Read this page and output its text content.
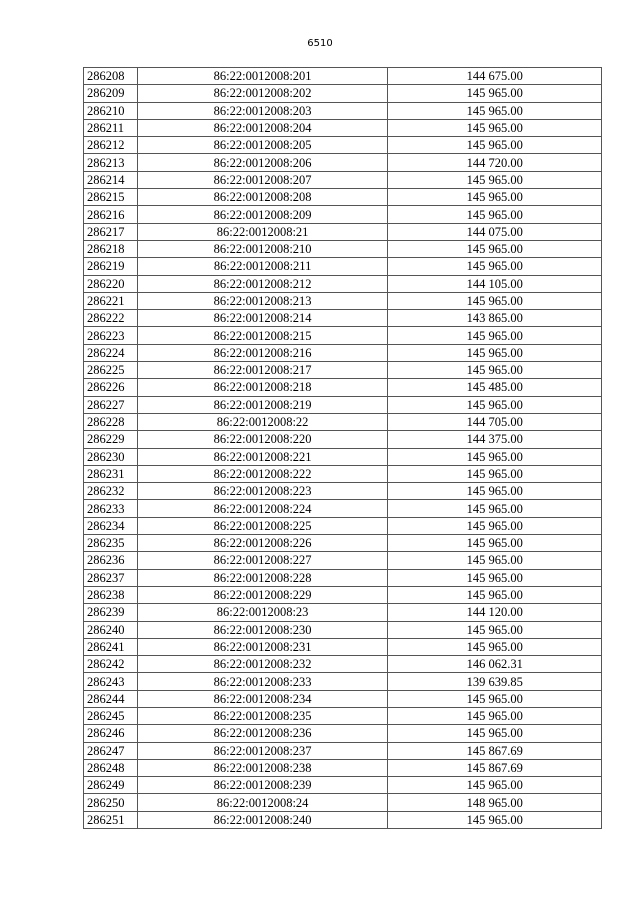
6510
286208	86:22:0012008:201	144 675.00
286209	86:22:0012008:202	145 965.00
286210	86:22:0012008:203	145 965.00
286211	86:22:0012008:204	145 965.00
286212	86:22:0012008:205	145 965.00
286213	86:22:0012008:206	144 720.00
286214	86:22:0012008:207	145 965.00
286215	86:22:0012008:208	145 965.00
286216	86:22:0012008:209	145 965.00
286217	86:22:0012008:21	144 075.00
286218	86:22:0012008:210	145 965.00
286219	86:22:0012008:211	145 965.00
286220	86:22:0012008:212	144 105.00
286221	86:22:0012008:213	145 965.00
286222	86:22:0012008:214	143 865.00
286223	86:22:0012008:215	145 965.00
286224	86:22:0012008:216	145 965.00
286225	86:22:0012008:217	145 965.00
286226	86:22:0012008:218	145 485.00
286227	86:22:0012008:219	145 965.00
286228	86:22:0012008:22	144 705.00
286229	86:22:0012008:220	144 375.00
286230	86:22:0012008:221	145 965.00
286231	86:22:0012008:222	145 965.00
286232	86:22:0012008:223	145 965.00
286233	86:22:0012008:224	145 965.00
286234	86:22:0012008:225	145 965.00
286235	86:22:0012008:226	145 965.00
286236	86:22:0012008:227	145 965.00
286237	86:22:0012008:228	145 965.00
286238	86:22:0012008:229	145 965.00
286239	86:22:0012008:23	144 120.00
286240	86:22:0012008:230	145 965.00
286241	86:22:0012008:231	145 965.00
286242	86:22:0012008:232	146 062.31
286243	86:22:0012008:233	139 639.85
286244	86:22:0012008:234	145 965.00
286245	86:22:0012008:235	145 965.00
286246	86:22:0012008:236	145 965.00
286247	86:22:0012008:237	145 867.69
286248	86:22:0012008:238	145 867.69
286249	86:22:0012008:239	145 965.00
286250	86:22:0012008:24	148 965.00
286251	86:22:0012008:240	145 965.00
